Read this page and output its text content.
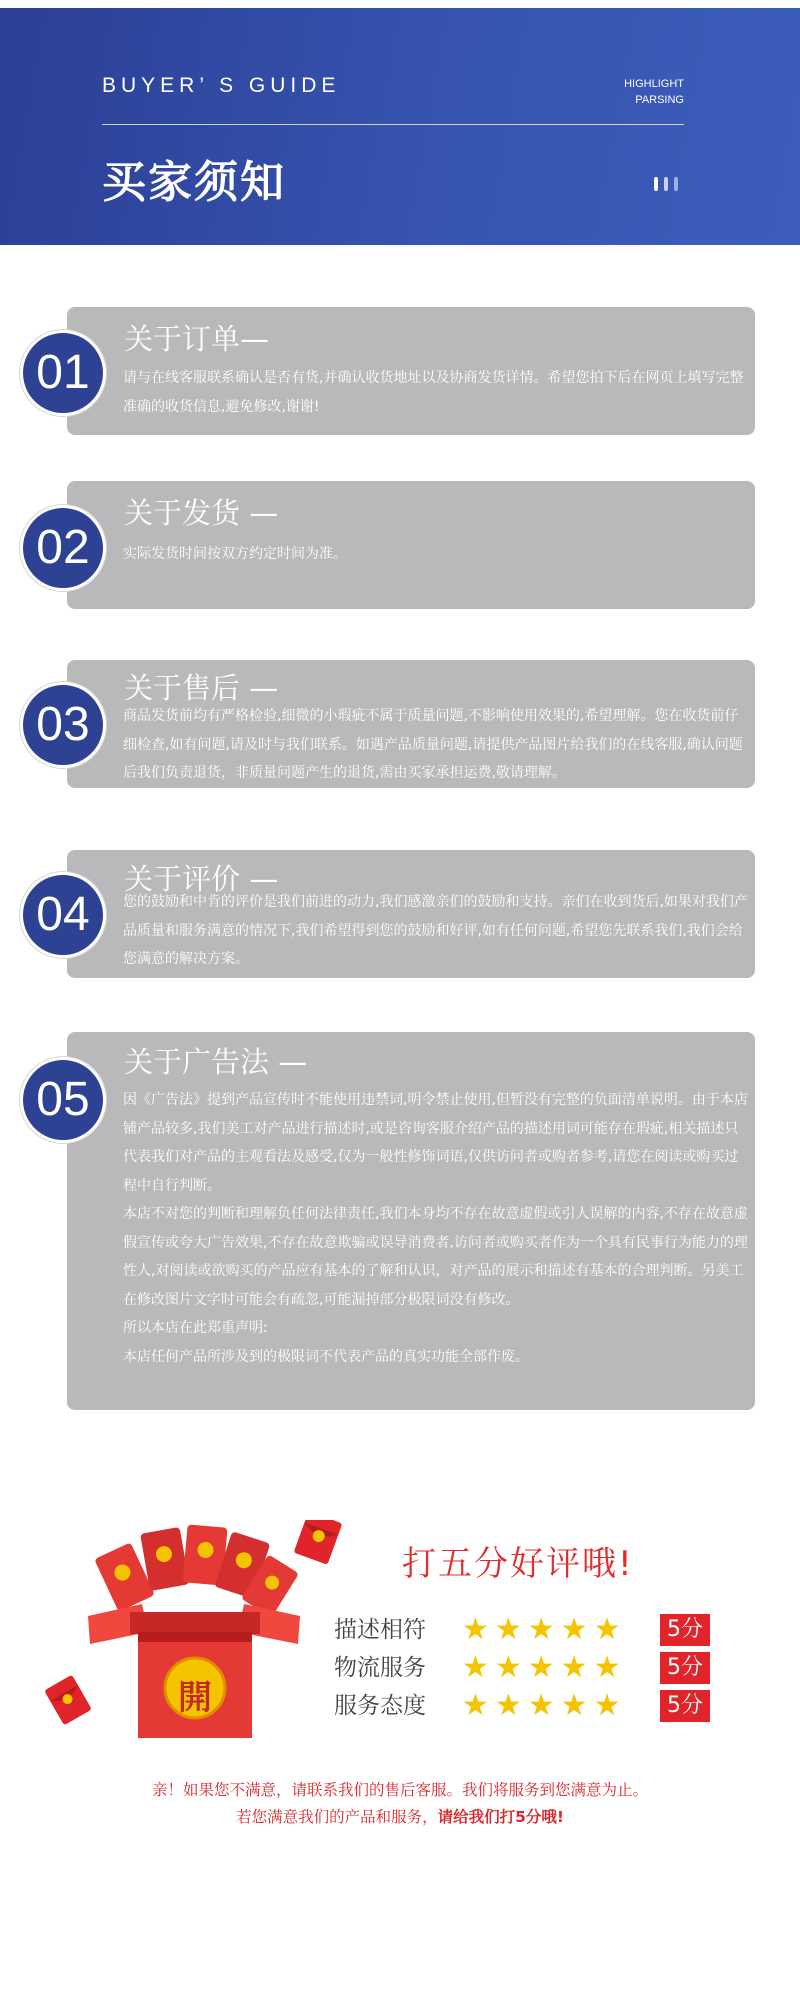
BUYER’ S GUIDE	HIGHLIGHT
PARSING
买家须知
01
关于订单—

请与在线客服联系确认是否有货,并确认收货地址以及协商发货详情。希望您拍下后在网页上填写完整准确的收货信息,避免修改,谢谢!

02
关于发货 —

实际发货时间按双方约定时间为准。

03
关于售后 —

商品发货前均有严格检验,细微的小瑕疵不属于质量问题,不影响使用效果的,希望理解。您在收货前仔细检查,如有问题,请及时与我们联系。如遇产品质量问题,请提供产品图片给我们的在线客服,确认问题后我们负责退货，非质量问题产生的退货,需由买家承担运费,敬请理解。

04
关于评价 —

您的鼓励和中肯的评价是我们前进的动力,我们感激亲们的鼓励和支持。亲们在收到货后,如果对我们产品质量和服务满意的情况下,我们希望得到您的鼓励和好评,如有任何问题,希望您先联系我们,我们会给您满意的解决方案。

05
关于广告法 —

因《广告法》提到产品宣传时不能使用违禁词,明令禁止使用,但暂没有完整的负面清单说明。由于本店铺产品较多,我们美工对产品进行描述时,或是咨询客服介绍产品的描述用词可能存在瑕疵,相关描述只代表我们对产品的主观看法及感受,仅为一般性修饰词语,仅供访问者或购者参考,请您在阅读或购买过程中自行判断。

本店不对您的判断和理解负任何法律责任,我们本身均不存在故意虚假或引人误解的内容,不存在故意虚假宣传或夸大广告效果,不存在故意欺骗或误导消费者,访问者或购买者作为一个具有民事行为能力的理性人,对阅读或欲购买的产品应有基本的了解和认识，对产品的展示和描述有基本的合理判断。另美工在修改图片文字时可能会有疏忽,可能漏掉部分极限词没有修改。

所以本店在此郑重声明:

本店任何产品所涉及到的极限词不代表产品的真实功能全部作废。

開
打五分好评哦!
描述相符 ★★★★★	5分
物流服务 ★★★★★	5分
服务态度 ★★★★★	5分
亲！如果您不满意，请联系我们的售后客服。我们将服务到您满意为止。
若您满意我们的产品和服务，请给我们打5分哦!
